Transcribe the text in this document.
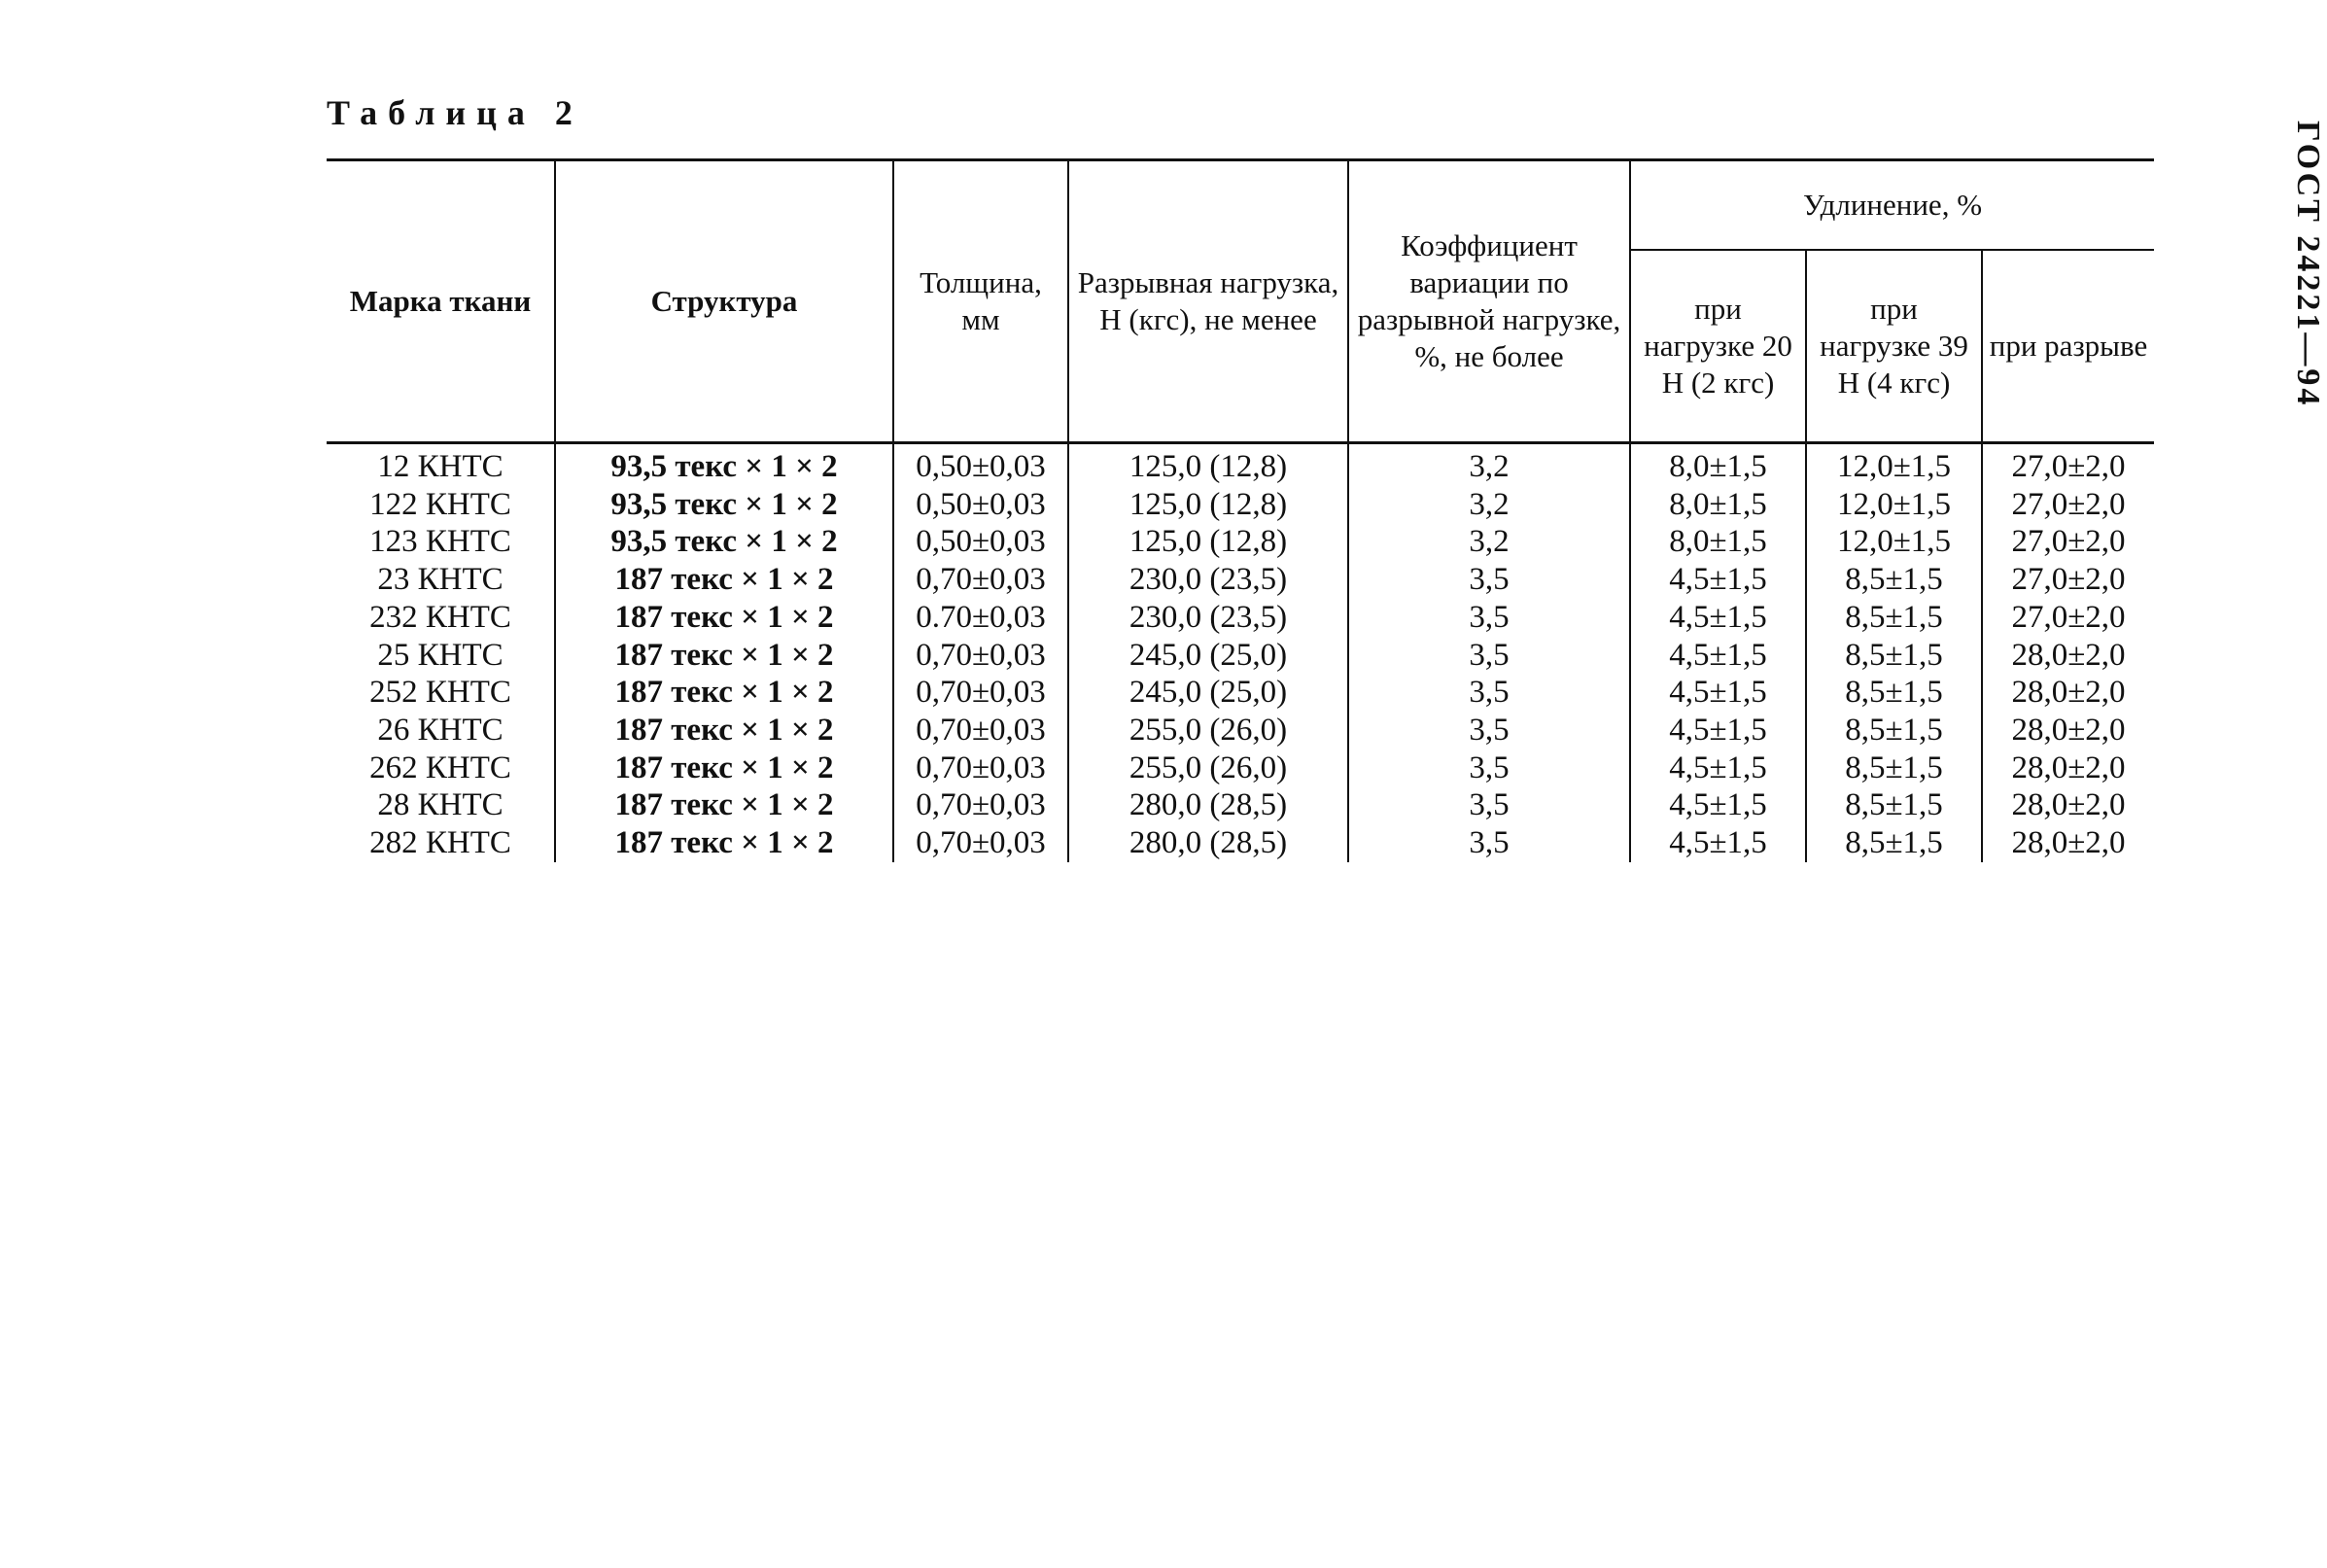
Таблица 2
ГОСТ 24221—94
Марка ткани	Структура	Толщина, мм	Разрывная нагрузка, Н (кгс), не менее	Коэффициент вариации по разрывной нагрузке, %, не более	Удлинение, %		
					при нагрузке 20 Н (2 кгс)	при нагрузке 39 Н (4 кгс)	при разрыве
12 КНТС	93,5 текс × 1 × 2	0,50±0,03	125,0 (12,8)	3,2	8,0±1,5	12,0±1,5	27,0±2,0
122 КНТС	93,5 текс × 1 × 2	0,50±0,03	125,0 (12,8)	3,2	8,0±1,5	12,0±1,5	27,0±2,0
123 КНТС	93,5 текс × 1 × 2	0,50±0,03	125,0 (12,8)	3,2	8,0±1,5	12,0±1,5	27,0±2,0
23 КНТС	187 текс × 1 × 2	0,70±0,03	230,0 (23,5)	3,5	4,5±1,5	8,5±1,5	27,0±2,0
232 КНТС	187 текс × 1 × 2	0.70±0,03	230,0 (23,5)	3,5	4,5±1,5	8,5±1,5	27,0±2,0
25 КНТС	187 текс × 1 × 2	0,70±0,03	245,0 (25,0)	3,5	4,5±1,5	8,5±1,5	28,0±2,0
252 КНТС	187 текс × 1 × 2	0,70±0,03	245,0 (25,0)	3,5	4,5±1,5	8,5±1,5	28,0±2,0
26 КНТС	187 текс × 1 × 2	0,70±0,03	255,0 (26,0)	3,5	4,5±1,5	8,5±1,5	28,0±2,0
262 КНТС	187 текс × 1 × 2	0,70±0,03	255,0 (26,0)	3,5	4,5±1,5	8,5±1,5	28,0±2,0
28 КНТС	187 текс × 1 × 2	0,70±0,03	280,0 (28,5)	3,5	4,5±1,5	8,5±1,5	28,0±2,0
282 КНТС	187 текс × 1 × 2	0,70±0,03	280,0 (28,5)	3,5	4,5±1,5	8,5±1,5	28,0±2,0
